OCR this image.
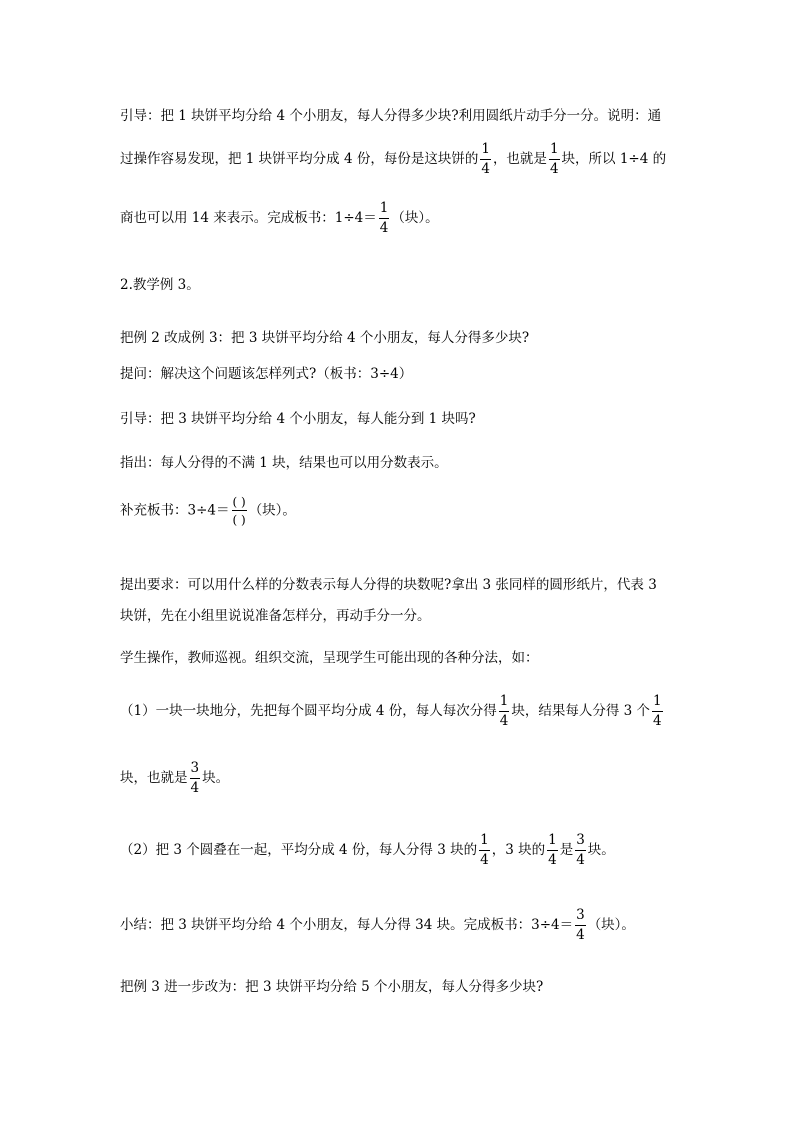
引导：把 1 块饼平均分给 4 个小朋友，每人分得多少块?利用圆纸片动手分一分。说明：通
过操作容易发现，把 1 块饼平均分成 4 份，每份是这块饼的 $\frac{1}{4}$ ，也就是 $\frac{1}{4}$ 块，所以 1÷4 的
商也可以用 14 来表示。完成板书：$1\div 4= \frac{1}{4}$ （块）。
2.教学例 3。
把例 2 改成例 3：把 3 块饼平均分给 4 个小朋友，每人分得多少块?
提问：解决这个问题该怎样列式?（板书：3÷4）
引导：把 3 块饼平均分给 4 个小朋友，每人能分到 1 块吗?
指出：每人分得的不满 1 块，结果也可以用分数表示。
补充板书：$3\div 4= \frac{( )}{( )}$ （块）。
提出要求：可以用什么样的分数表示每人分得的块数呢?拿出 3 张同样的圆形纸片，代表 3
块饼，先在小组里说说准备怎样分，再动手分一分。
学生操作，教师巡视。组织交流，呈现学生可能出现的各种分法，如：
（1）一块一块地分，先把每个圆平均分成 4 份，每人每次分得 $\frac{1}{4}$ 块，结果每人分得 3 个 $\frac{1}{4}$
块，也就是 $\frac{3}{4}$ 块。
（2）把 3 个圆叠在一起，平均分成 4 份，每人分得 3 块的 $\frac{1}{4}$ ，3 块的 $\frac{1}{4}$ 是 $\frac{3}{4}$ 块。
小结：把 3 块饼平均分给 4 个小朋友，每人分得 34 块。完成板书：$3\div 4= \frac{3}{4}$ （块）。
把例 3 进一步改为：把 3 块饼平均分给 5 个小朋友，每人分得多少块?
